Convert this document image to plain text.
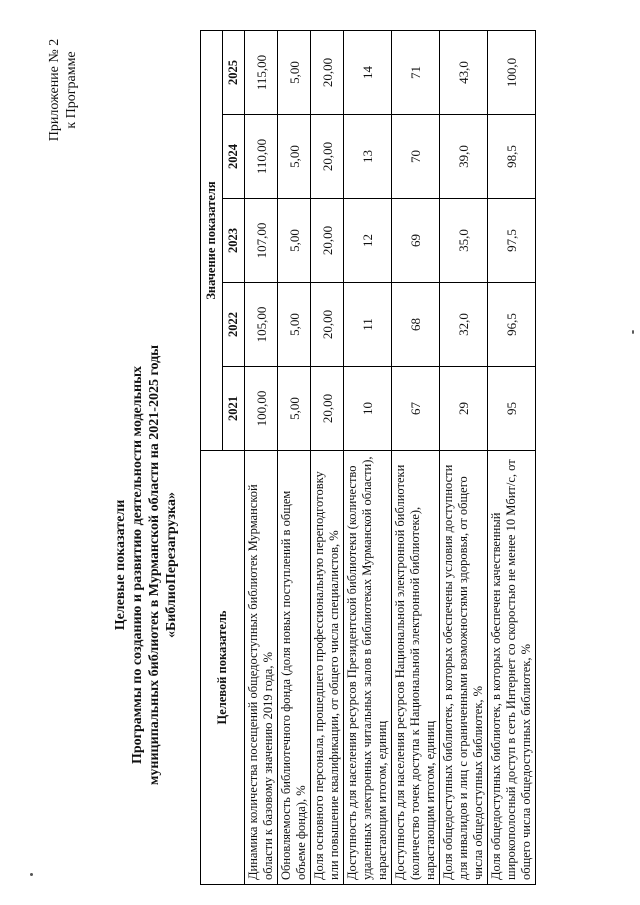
Приложение № 2 к Программе
Целевые показатели Программы по созданию и развитию деятельности модельных муниципальных библиотек в Мурманской области на 2021-2025 годы «БиблиоПерезагрузка»
Целевой показатель	Значение показателя				
	2021	2022	2023	2024	2025
Динамика количества посещений общедоступных библиотек Мурманской области к базовому значению 2019 года, %	100,00	105,00	107,00	110,00	115,00
Обновляемость библиотечного фонда (доля новых поступлений в общем объеме фонда), %	5,00	5,00	5,00	5,00	5,00
Доля основного персонала, прошедшего профессиональную переподготовку или повышение квалификации, от общего числа специалистов, %	20,00	20,00	20,00	20,00	20,00
Доступность для населения ресурсов Президентской библиотеки (количество удаленных электронных читальных залов в библиотеках Мурманской области), нарастающим итогом, единиц	10	11	12	13	14
Доступность для населения ресурсов Национальной электронной библиотеки (количество точек доступа к Национальной электронной библиотеке), нарастающим итогом, единиц	67	68	69	70	71
Доля общедоступных библиотек, в которых обеспечены условия доступности для инвалидов и лиц с ограниченными возможностями здоровья, от общего числа общедоступных библиотек, %	29	32,0	35,0	39,0	43,0
Доля общедоступных библиотек, в которых обеспечен качественный широкополосный доступ в сеть Интернет со скоростью не менее 10 Мбит/с, от общего числа общедоступных библиотек, %	95	96,5	97,5	98,5	100,0
